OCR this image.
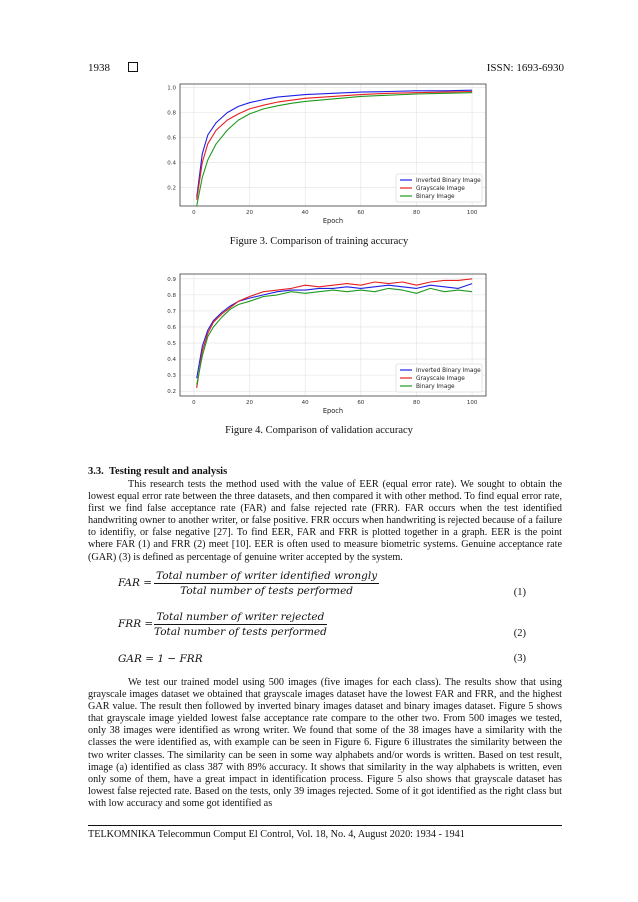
1938	ISSN: 1693-6930
0	20	40	60	80	100
0.2
0.4
0.6
0.8
1.0
Epoch
Inverted Binary Image
Grayscale Image
Binary Image
Figure 3. Comparison of training accuracy
0	20	40	60	80	100
0.2
0.3
0.4
0.5
0.6
0.7
0.8
0.9
Epoch
Inverted Binary Image
Grayscale Image
Binary Image
Figure 4. Comparison of validation accuracy
3.3. Testing result and analysis

This research tests the method used with the value of EER (equal error rate). We sought to obtain the lowest equal error rate between the three datasets, and then compared it with other method. To find equal error rate, first we find false acceptance rate (FAR) and false rejected rate (FRR). FAR occurs when the test identified handwriting owner to another writer, or false positive. FRR occurs when handwriting is rejected because of a failure to identifiy, or false negative [27]. To find EER, FAR and FRR is plotted together in a graph. EER is the point where FAR (1) and FRR (2) meet [10]. EER is often used to measure biometric systems. Genuine acceptance rate (GAR) (3) is defined as percentage of genuine writer accepted by the system.

FAR =
Total number of writer identified wrongly
Total number of tests performed	(1)
FRR =
Total number of writer rejected
Total number of tests performed	(2)
GAR = 1 − FRR	(3)

We test our trained model using 500 images (five images for each class). The results show that using grayscale images dataset we obtained that grayscale images dataset have the lowest FAR and FRR, and the highest GAR value. The result then followed by inverted binary images dataset and binary images dataset. Figure 5 shows that grayscale image yielded lowest false acceptance rate compare to the other two. From 500 images we tested, only 38 images were identified as wrong writer. We found that some of the 38 images have a similarity with the classes the were identified as, with example can be seen in Figure 6. Figure 6 illustrates the similarity between the two writer classes. The similarity can be seen in some way alphabets and/or words is written. Based on test result, image (a) identified as class 387 with 89% accuracy. It shows that similarity in the way alphabets is written, even only some of them, have a great impact in identification process. Figure 5 also shows that grayscale dataset has lowest false rejected rate. Based on the tests, only 39 images rejected. Some of it got identified as the right class but with low accuracy and some got identified as

TELKOMNIKA Telecommun Comput El Control, Vol. 18, No. 4, August 2020: 1934 - 1941
